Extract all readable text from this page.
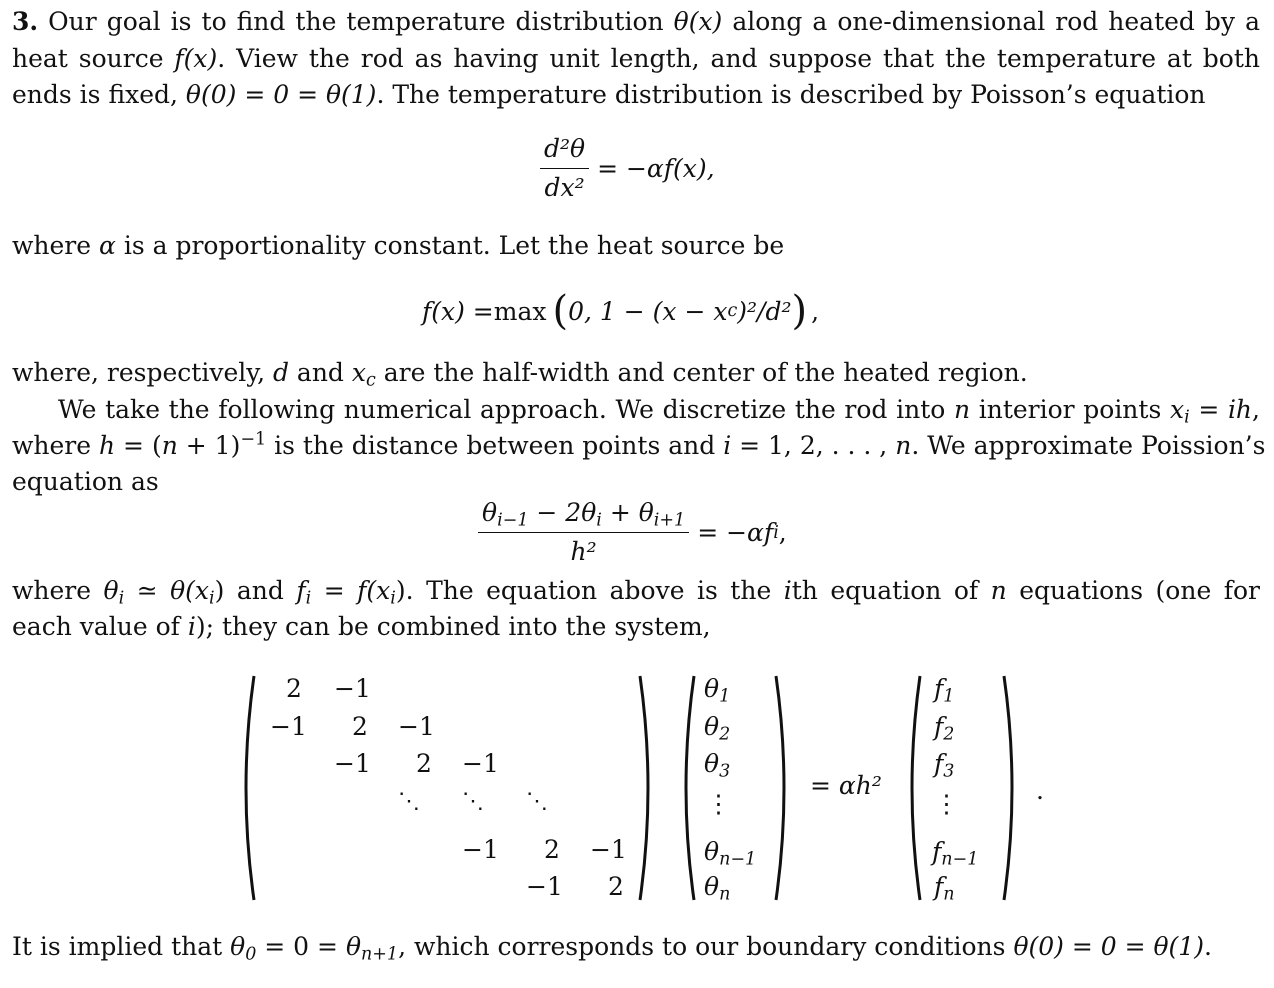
3. Our goal is to find the temperature distribution θ(x) along a one-dimensional rod heated by a
heat source f(x). View the rod as having unit length, and suppose that the temperature at both
ends is fixed, θ(0) = 0 = θ(1). The temperature distribution is described by Poisson’s equation
$\frac{\text{d²θ}}{\text{dx²}} = -\alpha f(x)$,
where α is a proportionality constant. Let the heat source be
f(x) = max ( 0, 1 − (x − x c )²/d² ) ,
where, respectively, d and $x_c$ are the half-width and center of the heated region.
We take the following numerical approach. We discretize the rod into n interior points $x_i$ = ih,
where $h = (n + 1)^{-1}$ is the distance between points and i = 1, 2, . . . , n. We approximate Poission’s
equation as
$\frac{\theta_{i-1} - 2\theta_i + \theta_{i+1}}{\text{h²}} = -\alpha f$ i ,
where $\theta_i$ ≃ $\theta(x_i)$ and $f_i = f(x_i)$. The equation above is the ith equation of n equations (one for
each value of i); they can be combined into the system,
2 −1
−1 2 −1
−1 2 −1
⋱ ⋱ ⋱
−1 2 −1
−1 2
$\theta_1$
$\theta_2$
$\theta_3$
⋮
$\theta_{n-1}$
$\theta_n$
= αh²
$f_1$
$f_2$
$f_3$
⋮
$f_{n-1}$
$f_n$
.
It is implied that $\theta_0 = 0 = \theta_{n+1}$, which corresponds to our boundary conditions θ(0) = 0 = θ(1).
